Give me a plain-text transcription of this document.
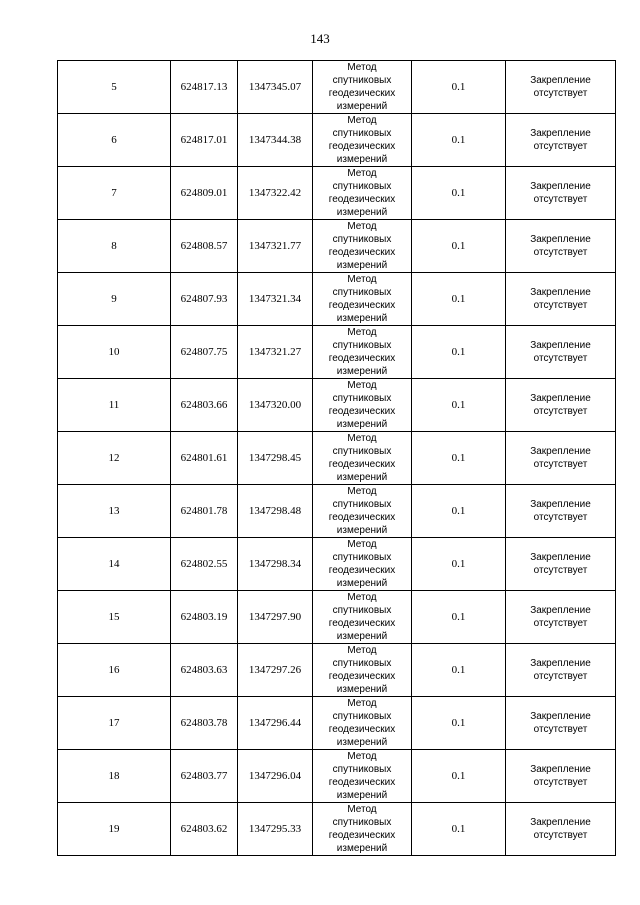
143
5	624817.13	1347345.07	Метод
спутниковых
геодезических
измерений	0.1	Закрепление
отсутствует

6	624817.01	1347344.38	Метод
спутниковых
геодезических
измерений	0.1	Закрепление
отсутствует

7	624809.01	1347322.42	Метод
спутниковых
геодезических
измерений	0.1	Закрепление
отсутствует

8	624808.57	1347321.77	Метод
спутниковых
геодезических
измерений	0.1	Закрепление
отсутствует

9	624807.93	1347321.34	Метод
спутниковых
геодезических
измерений	0.1	Закрепление
отсутствует

10	624807.75	1347321.27	Метод
спутниковых
геодезических
измерений	0.1	Закрепление
отсутствует

11	624803.66	1347320.00	Метод
спутниковых
геодезических
измерений	0.1	Закрепление
отсутствует

12	624801.61	1347298.45	Метод
спутниковых
геодезических
измерений	0.1	Закрепление
отсутствует

13	624801.78	1347298.48	Метод
спутниковых
геодезических
измерений	0.1	Закрепление
отсутствует

14	624802.55	1347298.34	Метод
спутниковых
геодезических
измерений	0.1	Закрепление
отсутствует

15	624803.19	1347297.90	Метод
спутниковых
геодезических
измерений	0.1	Закрепление
отсутствует

16	624803.63	1347297.26	Метод
спутниковых
геодезических
измерений	0.1	Закрепление
отсутствует

17	624803.78	1347296.44	Метод
спутниковых
геодезических
измерений	0.1	Закрепление
отсутствует

18	624803.77	1347296.04	Метод
спутниковых
геодезических
измерений	0.1	Закрепление
отсутствует

19	624803.62	1347295.33	Метод
спутниковых
геодезических
измерений	0.1	Закрепление
отсутствует
